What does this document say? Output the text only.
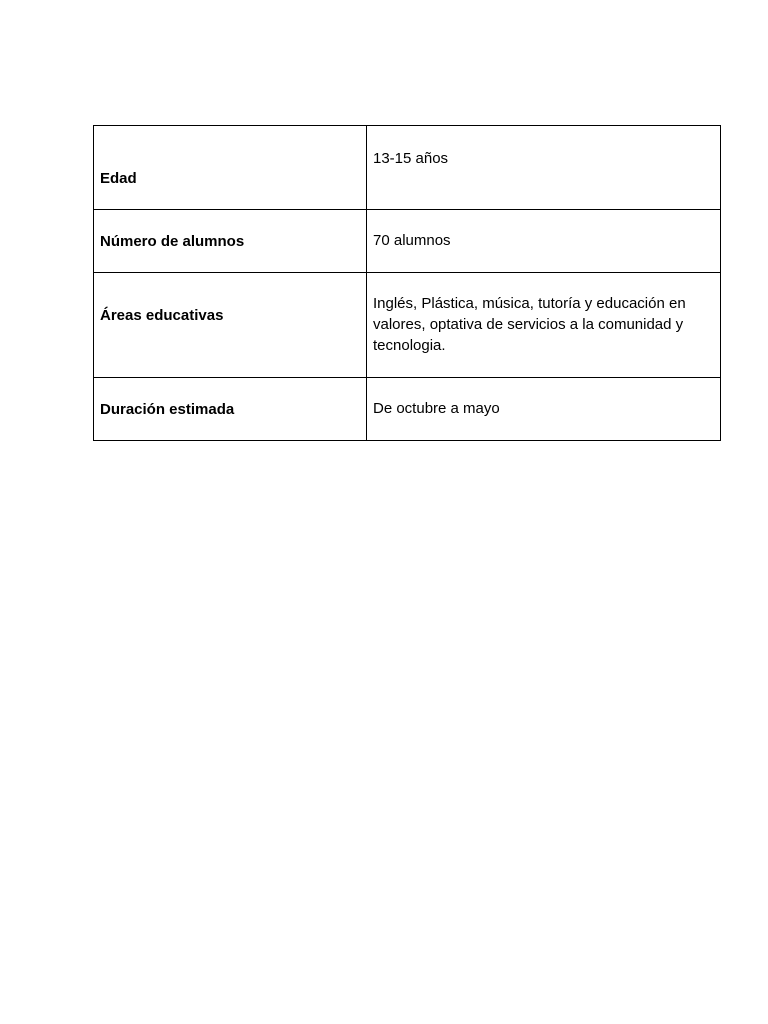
Edad	13-15 años

Número de alumnos	70 alumnos

Áreas educativas	Inglés, Plástica, música, tutoría y educación en valores, optativa de servicios a la comunidad y tecnologia.

Duración estimada	De octubre a mayo
